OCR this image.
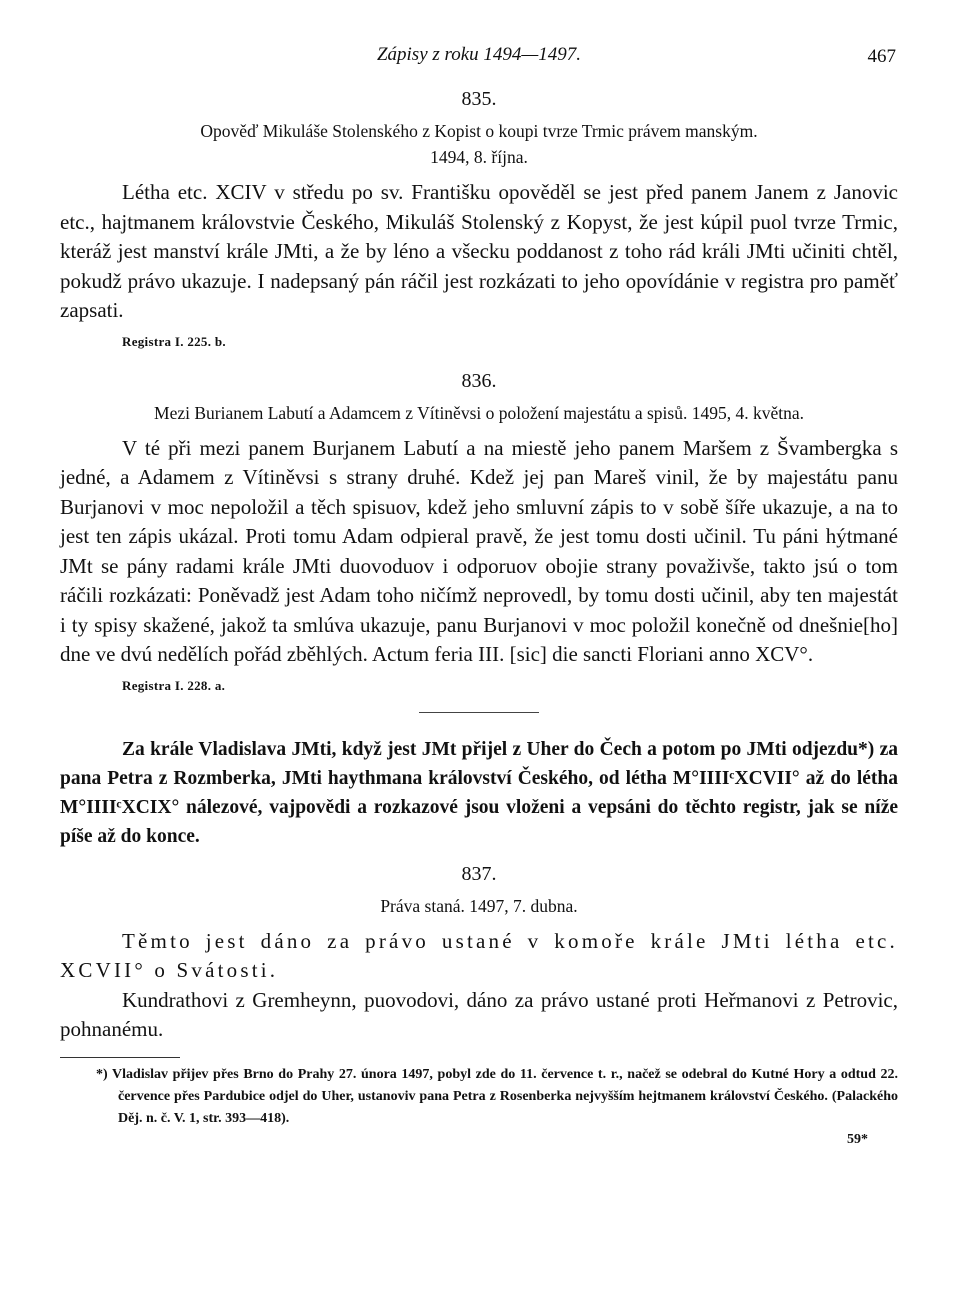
Zápisy z roku 1494—1497.	467
835.
Opověď Mikuláše Stolenského z Kopist o koupi tvrze Trmic právem manským.
1494, 8. října.

Létha etc. XCIV v středu po sv. Františku opověděl se jest před panem Janem z Janovic etc., hajtmanem královstvie Českého, Mikuláš Stolenský z Kopyst, že jest kúpil puol tvrze Trmic, kteráž jest manství krále JMti, a že by léno a všecku poddanost z toho rád králi JMti učiniti chtěl, pokudž právo ukazuje. I nadepsaný pán ráčil jest rozkázati to jeho opovídánie v registra pro paměť zapsati.

Registra I. 225. b.
836.
Mezi Burianem Labutí a Adamcem z Vítiněvsi o položení majestátu a spisů. 1495, 4. května.

V té při mezi panem Burjanem Labutí a na miestě jeho panem Maršem z Švambergka s jedné, a Adamem z Vítiněvsi s strany druhé. Kdež jej pan Mareš vinil, že by majestátu panu Burjanovi v moc nepoložil a těch spisuov, kdež jeho smluvní zápis to v sobě šíře ukazuje, a na to jest ten zápis ukázal. Proti tomu Adam odpieral pravě, že jest tomu dosti učinil. Tu páni hýtmané JMt se pány radami krále JMti duovoduov i odporuov obojie strany považivše, takto jsú o tom ráčili rozkázati: Poněvadž jest Adam toho ničímž neprovedl, by tomu dosti učinil, aby ten majestát i ty spisy skažené, jakož ta smlúva ukazuje, panu Burjanovi v moc položil konečně od dnešnie[ho] dne ve dvú nedělích pořád zběhlých. Actum feria III. [sic] die sancti Floriani anno XCV°.

Registra I. 228. a.

Za krále Vladislava JMti, když jest JMt přijel z Uher do Čech a potom po JMti odjezdu*) za pana Petra z Rozmberka, JMti haythmana království Českého, od létha M°IIIIᶜXCVII° až do létha M°IIIIᶜXCIX° nálezové, vajpovědi a rozkazové jsou vloženi a vepsáni do těchto registr, jak se níže píše až do konce.

837.
Práva staná. 1497, 7. dubna.

Těmto jest dáno za právo ustané v komoře krále JMti létha etc. XCVII° o Svátosti.

Kundrathovi z Gremheynn, puovodovi, dáno za právo ustané proti Heřmanovi z Petrovic, pohnanému.

*) Vladislav přijev přes Brno do Prahy 27. února 1497, pobyl zde do 11. července t. r., načež se odebral do Kutné Hory a odtud 22. července přes Pardubice odjel do Uher, ustanoviv pana Petra z Rosenberka nejvyšším hejtmanem království Českého. (Palackého Děj. n. č. V. 1, str. 393—418).

59*
